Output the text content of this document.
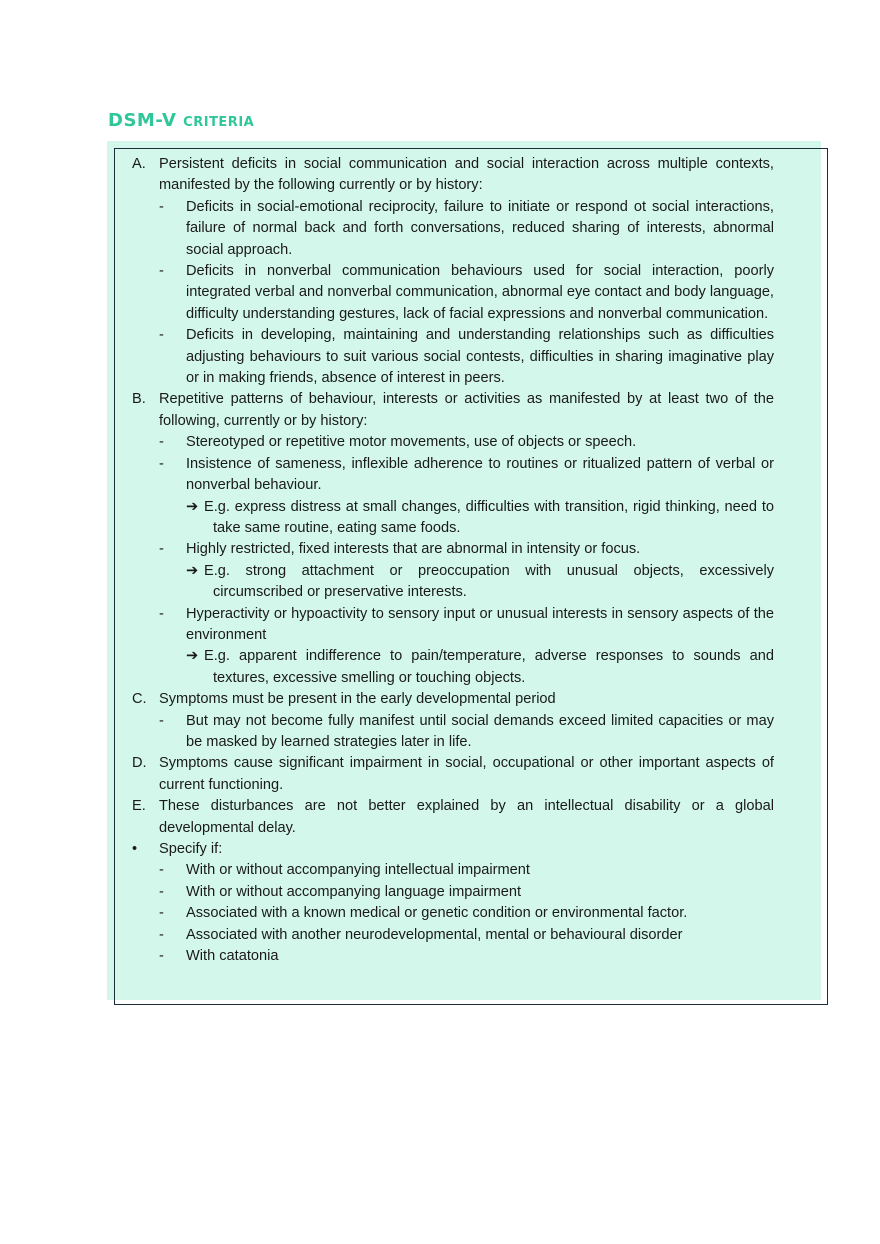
DSM-V criteria
A. Persistent deficits in social communication and social interaction across multiple contexts, manifested by the following currently or by history:
- Deficits in social-emotional reciprocity, failure to initiate or respond ot social interactions, failure of normal back and forth conversations, reduced sharing of interests, abnormal social approach.
- Deficits in nonverbal communication behaviours used for social interaction, poorly integrated verbal and nonverbal communication, abnormal eye contact and body language, difficulty understanding gestures, lack of facial expressions and nonverbal communication.
- Deficits in developing, maintaining and understanding relationships such as difficulties adjusting behaviours to suit various social contests, difficulties in sharing imaginative play or in making friends, absence of interest in peers.
B. Repetitive patterns of behaviour, interests or activities as manifested by at least two of the following, currently or by history:
- Stereotyped or repetitive motor movements, use of objects or speech.
- Insistence of sameness, inflexible adherence to routines or ritualized pattern of verbal or nonverbal behaviour.
➔ E.g. express distress at small changes, difficulties with transition, rigid thinking, need to take same routine, eating same foods.
- Highly restricted, fixed interests that are abnormal in intensity or focus.
➔ E.g. strong attachment or preoccupation with unusual objects, excessively circumscribed or preservative interests.
- Hyperactivity or hypoactivity to sensory input or unusual interests in sensory aspects of the environment
➔ E.g. apparent indifference to pain/temperature, adverse responses to sounds and textures, excessive smelling or touching objects.
C. Symptoms must be present in the early developmental period
- But may not become fully manifest until social demands exceed limited capacities or may be masked by learned strategies later in life.
D. Symptoms cause significant impairment in social, occupational or other important aspects of current functioning.
E. These disturbances are not better explained by an intellectual disability or a global developmental delay.
• Specify if:
- With or without accompanying intellectual impairment
- With or without accompanying language impairment
- Associated with a known medical or genetic condition or environmental factor.
- Associated with another neurodevelopmental, mental or behavioural disorder
- With catatonia
